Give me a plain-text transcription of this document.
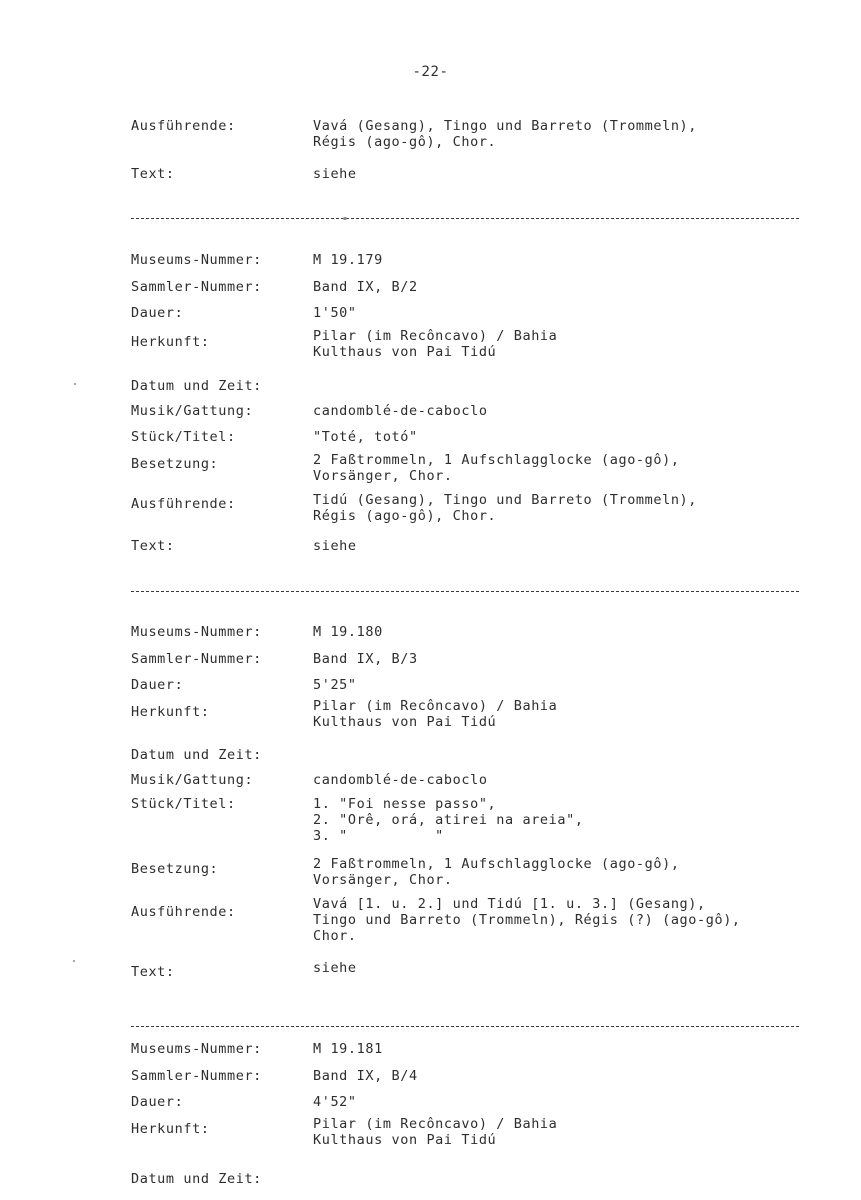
-22-
Ausführende:	Vavá (Gesang), Tingo und Barreto (Trommeln),
Régis (ago-gô), Chor.
Text:	siehe
Museums-Nummer:	M 19.179
Sammler-Nummer:	Band IX, B/2
Dauer:	1'50"
Herkunft:	Pilar (im Recôncavo) / Bahia
Kulthaus von Pai Tidú
Datum und Zeit:
Musik/Gattung:	candomblé-de-caboclo
Stück/Titel:	"Toté, totó"
Besetzung:	2 Faßtrommeln, 1 Aufschlagglocke (ago-gô),
Vorsänger, Chor.
Ausführende:	Tidú (Gesang), Tingo und Barreto (Trommeln),
Régis (ago-gô), Chor.
Text:	siehe
Museums-Nummer:	M 19.180
Sammler-Nummer:	Band IX, B/3
Dauer:	5'25"
Herkunft:	Pilar (im Recôncavo) / Bahia
Kulthaus von Pai Tidú
Datum und Zeit:
Musik/Gattung:	candomblé-de-caboclo
Stück/Titel:	1. "Foi nesse passo",
2. "Orê, orá, atirei na areia",
3. "          "
Besetzung:	2 Faßtrommeln, 1 Aufschlagglocke (ago-gô),
Vorsänger, Chor.
Ausführende:	Vavá [1. u. 2.] und Tidú [1. u. 3.] (Gesang),
Tingo und Barreto (Trommeln), Régis (?) (ago-gô),
Chor.
Text:	siehe
Museums-Nummer:	M 19.181
Sammler-Nummer:	Band IX, B/4
Dauer:	4'52"
Herkunft:	Pilar (im Recôncavo) / Bahia
Kulthaus von Pai Tidú
Datum und Zeit:
